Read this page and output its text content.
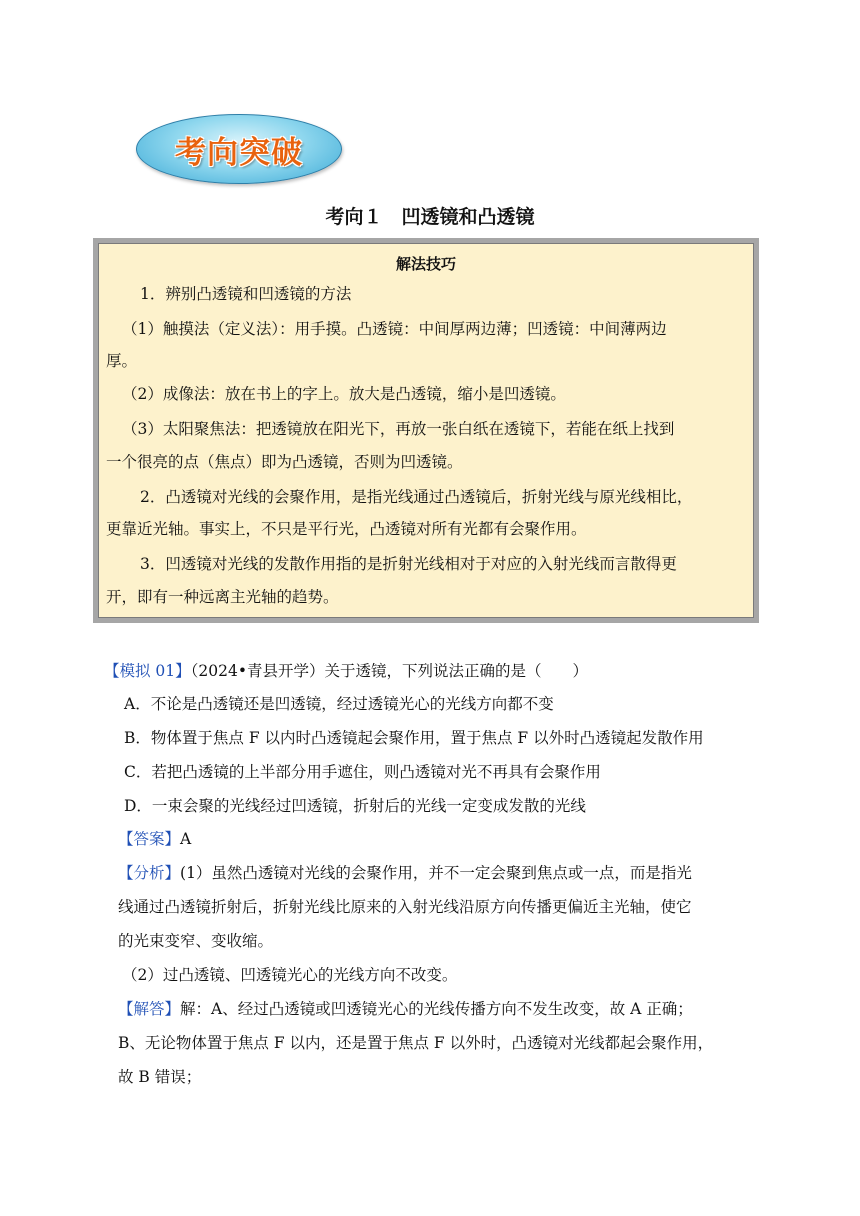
考向突破
考向１　凹透镜和凸透镜
解法技巧
1．辨别凸透镜和凹透镜的方法
（1）触摸法（定义法）：用手摸。凸透镜：中间厚两边薄；凹透镜：中间薄两边
厚。
（2）成像法：放在书上的字上。放大是凸透镜，缩小是凹透镜。
（3）太阳聚焦法：把透镜放在阳光下，再放一张白纸在透镜下，若能在纸上找到
一个很亮的点（焦点）即为凸透镜，否则为凹透镜。
2．凸透镜对光线的会聚作用，是指光线通过凸透镜后，折射光线与原光线相比，
更靠近光轴。事实上，不只是平行光，凸透镜对所有光都有会聚作用。
3．凹透镜对光线的发散作用指的是折射光线相对于对应的入射光线而言散得更
开，即有一种远离主光轴的趋势。
【模拟 01】（2024•青县开学）关于透镜，下列说法正确的是（　　）
A．不论是凸透镜还是凹透镜，经过透镜光心的光线方向都不变
B．物体置于焦点 F 以内时凸透镜起会聚作用，置于焦点 F 以外时凸透镜起发散作用
C．若把凸透镜的上半部分用手遮住，则凸透镜对光不再具有会聚作用
D．一束会聚的光线经过凹透镜，折射后的光线一定变成发散的光线
【答案】A
【分析】(1）虽然凸透镜对光线的会聚作用，并不一定会聚到焦点或一点，而是指光
线通过凸透镜折射后，折射光线比原来的入射光线沿原方向传播更偏近主光轴，使它
的光束变窄、变收缩。
（2）过凸透镜、凹透镜光心的光线方向不改变。
【解答】解：A、经过凸透镜或凹透镜光心的光线传播方向不发生改变，故 A 正确；
B、无论物体置于焦点 F 以内，还是置于焦点 F 以外时，凸透镜对光线都起会聚作用，
故 B 错误；
